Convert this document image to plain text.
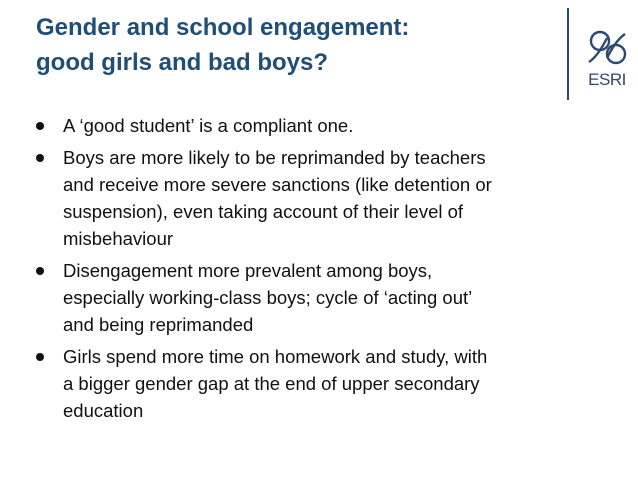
Gender and school engagement:
good girls and bad boys?
ESRI
A ‘good student’ is a compliant one.
Boys are more likely to be reprimanded by teachers
and receive more severe sanctions (like detention or
suspension), even taking account of their level of
misbehaviour
Disengagement more prevalent among boys,
especially working-class boys; cycle of ‘acting out’
and being reprimanded
Girls spend more time on homework and study, with
a bigger gender gap at the end of upper secondary
education
